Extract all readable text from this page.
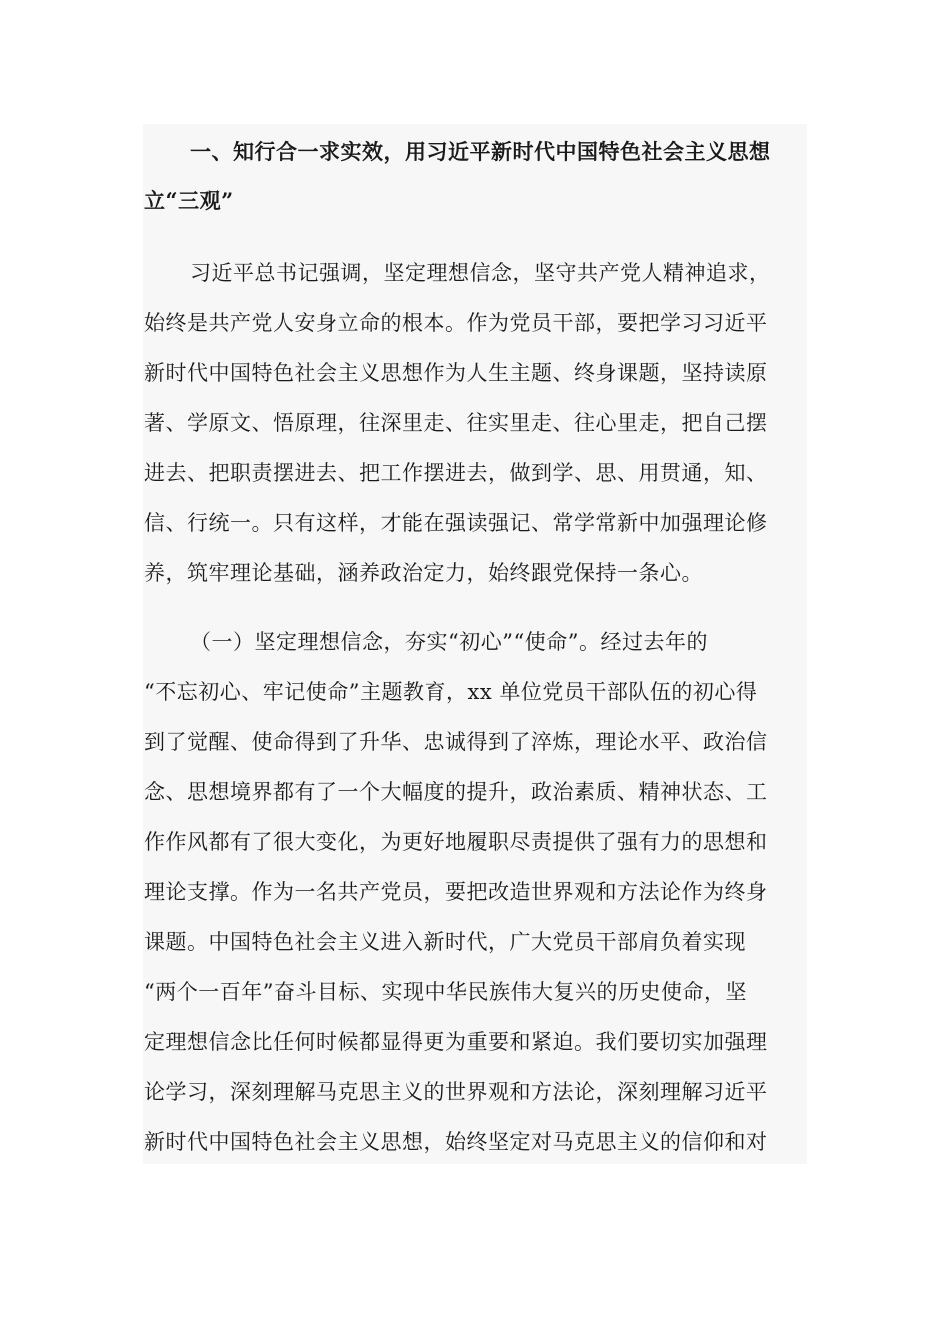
一、知行合一求实效，用习近平新时代中国特色社会主义思想
立“三观”
习近平总书记强调，坚定理想信念，坚守共产党人精神追求，
始终是共产党人安身立命的根本。作为党员干部，要把学习习近平
新时代中国特色社会主义思想作为人生主题、终身课题，坚持读原
著、学原文、悟原理，往深里走、往实里走、往心里走，把自己摆
进去、把职责摆进去、把工作摆进去，做到学、思、用贯通，知、
信、行统一。只有这样，才能在强读强记、常学常新中加强理论修
养，筑牢理论基础，涵养政治定力，始终跟党保持一条心。
（一）坚定理想信念，夯实“初心”“使命”。经过去年的
“不忘初心、牢记使命”主题教育，xx 单位党员干部队伍的初心得
到了觉醒、使命得到了升华、忠诚得到了淬炼，理论水平、政治信
念、思想境界都有了一个大幅度的提升，政治素质、精神状态、工
作作风都有了很大变化，为更好地履职尽责提供了强有力的思想和
理论支撑。作为一名共产党员，要把改造世界观和方法论作为终身
课题。中国特色社会主义进入新时代，广大党员干部肩负着实现
“两个一百年”奋斗目标、实现中华民族伟大复兴的历史使命，坚
定理想信念比任何时候都显得更为重要和紧迫。我们要切实加强理
论学习，深刻理解马克思主义的世界观和方法论，深刻理解习近平
新时代中国特色社会主义思想，始终坚定对马克思主义的信仰和对
